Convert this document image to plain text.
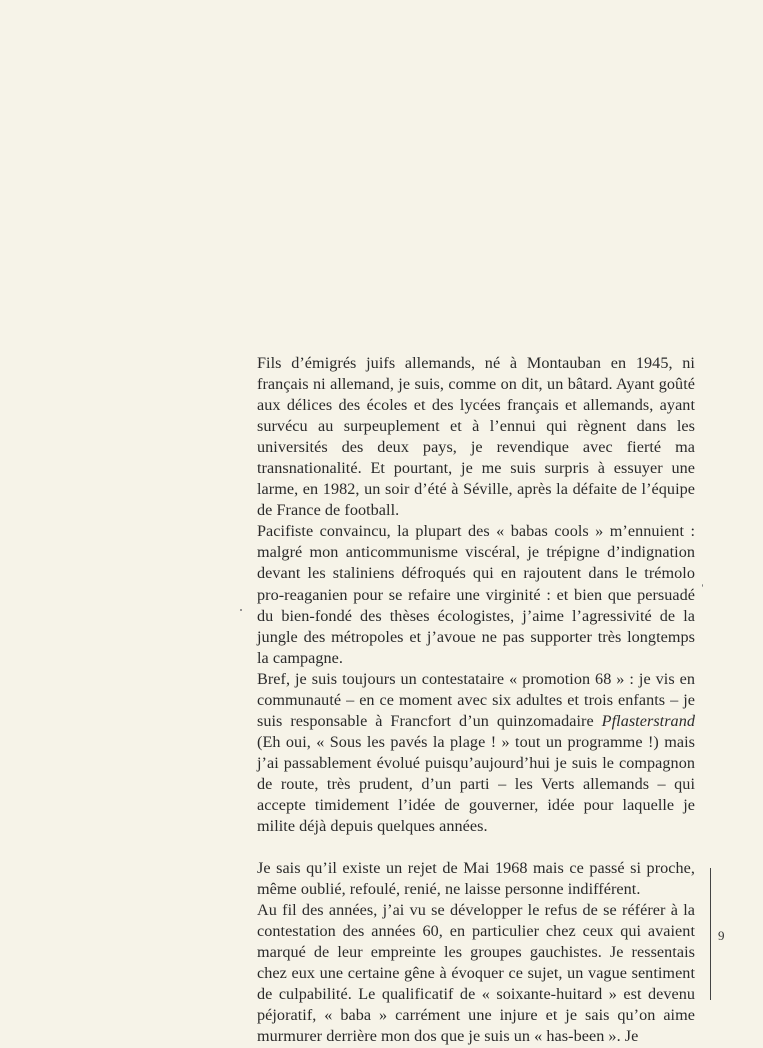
Fils d’émigrés juifs allemands, né à Montauban en 1945, ni français ni allemand, je suis, comme on dit, un bâtard. Ayant goûté aux délices des écoles et des lycées français et allemands, ayant survécu au surpeuplement et à l’ennui qui règnent dans les universités des deux pays, je revendique avec fierté ma transnationalité. Et pourtant, je me suis surpris à essuyer une larme, en 1982, un soir d’été à Séville, après la défaite de l’équipe de France de football.

Pacifiste convaincu, la plupart des « babas cools » m’ennuient : malgré mon anticommunisme viscéral, je trépigne d’indignation devant les staliniens défroqués qui en rajoutent dans le trémolo pro-reaganien pour se refaire une virginité : et bien que persuadé du bien-fondé des thèses écologistes, j’aime l’agressivité de la jungle des métropoles et j’avoue ne pas supporter très longtemps la campagne.

Bref, je suis toujours un contestataire « promotion 68 » : je vis en communauté – en ce moment avec six adultes et trois enfants – je suis responsable à Francfort d’un quinzomadaire Pflasterstrand (Eh oui, « Sous les pavés la plage ! » tout un programme !) mais j’ai passablement évolué puisqu’aujourd’hui je suis le compagnon de route, très prudent, d’un parti – les Verts allemands – qui accepte timidement l’idée de gouverner, idée pour laquelle je milite déjà depuis quelques années.

Je sais qu’il existe un rejet de Mai 1968 mais ce passé si proche, même oublié, refoulé, renié, ne laisse personne indifférent.

Au fil des années, j’ai vu se développer le refus de se référer à la contestation des années 60, en particulier chez ceux qui avaient marqué de leur empreinte les groupes gauchistes. Je ressentais chez eux une certaine gêne à évoquer ce sujet, un vague sentiment de culpabilité. Le qualificatif de « soixante-huitard » est devenu péjoratif, « baba » carrément une injure et je sais qu’on aime murmurer derrière mon dos que je suis un « has-been ». Je

9
